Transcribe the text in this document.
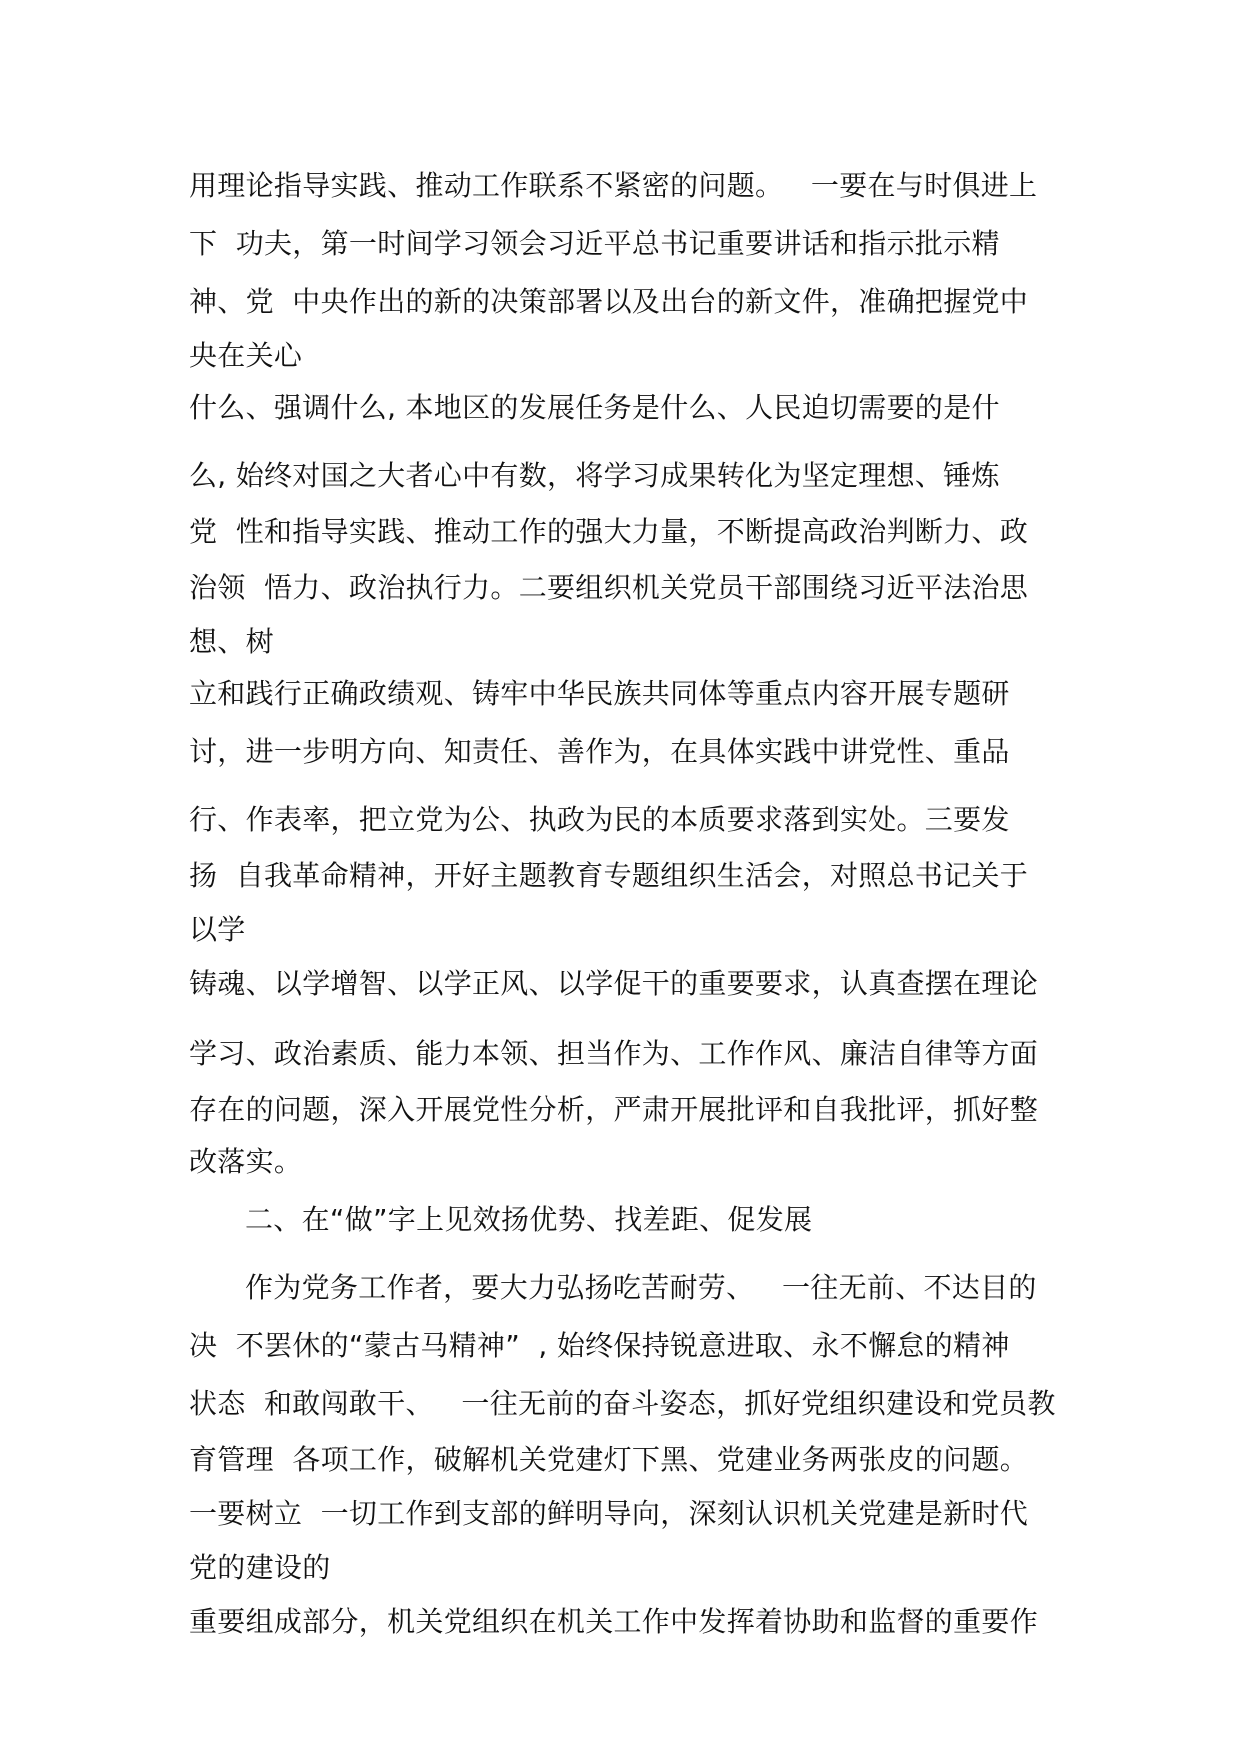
用理论指导实践、推动工作联系不紧密的问题。   一要在与时俱进上
下  功夫，第一时间学习领会习近平总书记重要讲话和指示批示精
神、党  中央作出的新的决策部署以及出台的新文件，准确把握党中
央在关心
什么、强调什么, 本地区的发展任务是什么、人民迫切需要的是什
么, 始终对国之大者心中有数，将学习成果转化为坚定理想、锤炼
党  性和指导实践、推动工作的强大力量，不断提高政治判断力、政
治领  悟力、政治执行力。二要组织机关党员干部围绕习近平法治思
想、树
立和践行正确政绩观、铸牢中华民族共同体等重点内容开展专题研
讨，进一步明方向、知责任、善作为，在具体实践中讲党性、重品
行、作表率，把立党为公、执政为民的本质要求落到实处。三要发
扬  自我革命精神，开好主题教育专题组织生活会，对照总书记关于
以学
铸魂、以学增智、以学正风、以学促干的重要要求，认真查摆在理论
学习、政治素质、能力本领、担当作为、工作作风、廉洁自律等方面
存在的问题，深入开展党性分析，严肃开展批评和自我批评，抓好整
改落实。
二、在“做”字上见效扬优势、找差距、促发展
作为党务工作者，要大力弘扬吃苦耐劳、   一往无前、不达目的
决  不罢休的“蒙古马精神”  , 始终保持锐意进取、永不懈怠的精神
状态  和敢闯敢干、   一往无前的奋斗姿态，抓好党组织建设和党员教
育管理  各项工作，破解机关党建灯下黑、党建业务两张皮的问题。
一要树立  一切工作到支部的鲜明导向，深刻认识机关党建是新时代
党的建设的
重要组成部分，机关党组织在机关工作中发挥着协助和监督的重要作
